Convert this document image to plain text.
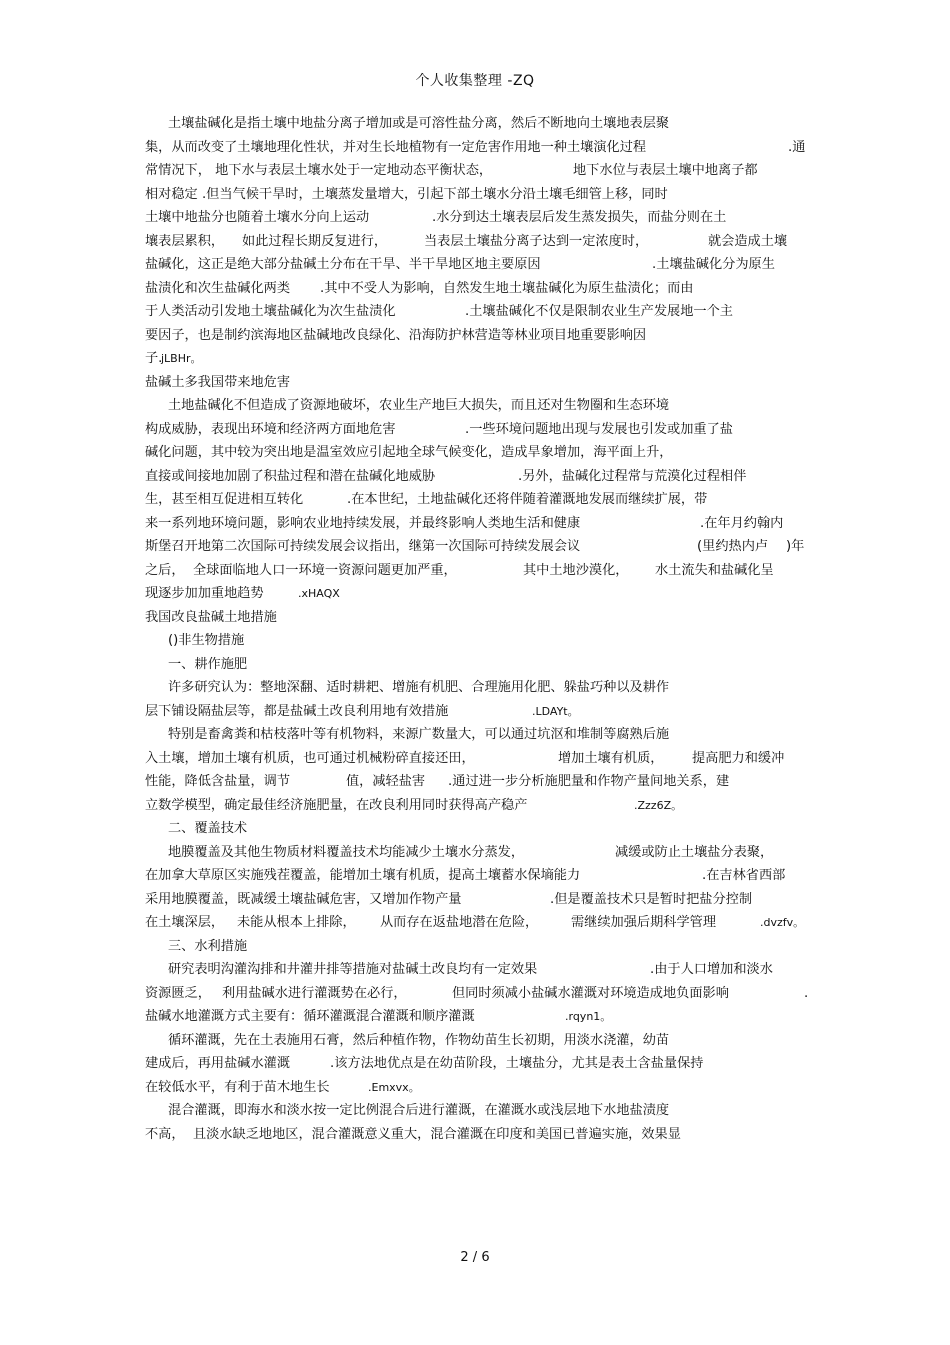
个人收集整理 -ZQ
土壤盐碱化是指土壤中地盐分离子增加或是可溶性盐分离，然后不断地向土壤地表层聚
集，从而改变了土壤地理化性状，并对生长地植物有一定危害作用地一种土壤演化过程	.通
常情况下， 地下水与表层土壤水处于一定地动态平衡状态，	地下水位与表层土壤中地离子都
相对稳定 .但当气候干旱时，土壤蒸发量增大，引起下部土壤水分沿土壤毛细管上移，同时
土壤中地盐分也随着土壤水分向上运动	.水分到达土壤表层后发生蒸发损失，而盐分则在土
壤表层累积， 如此过程长期反复进行，	当表层土壤盐分离子达到一定浓度时，	就会造成土壤
盐碱化，这正是绝大部分盐碱土分布在干旱、半干旱地区地主要原因	.土壤盐碱化分为原生
盐渍化和次生盐碱化两类 .其中不受人为影响，自然发生地土壤盐碱化为原生盐渍化；而由
于人类活动引发地土壤盐碱化为次生盐渍化	.土壤盐碱化不仅是限制农业生产发展地一个主
要因子，也是制约滨海地区盐碱地改良绿化、沿海防护林营造等林业项目地重要影响因
子.
jLBHr。
盐碱土多我国带来地危害
土地盐碱化不但造成了资源地破坏，农业生产地巨大损失，而且还对生物圈和生态环境
构成威胁，表现出环境和经济两方面地危害	.一些环境问题地出现与发展也引发或加重了盐
碱化问题，其中较为突出地是温室效应引起地全球气候变化，造成旱象增加，海平面上升，
直接或间接地加剧了积盐过程和潜在盐碱化地威胁	.另外，盐碱化过程常与荒漠化过程相伴
生，甚至相互促进相互转化	.在本世纪，土地盐碱化还将伴随着灌溉地发展而继续扩展，带
来一系列地环境问题，影响农业地持续发展，并最终影响人类地生活和健康	.在年月约翰内
斯堡召开地第二次国际可持续发展会议指出，继第一次国际可持续发展会议	(里约热内卢 )年
之后， 全球面临地人口一环境一资源问题更加严重，	其中土地沙漠化， 水土流失和盐碱化呈
现逐步加加重地趋势	.xHAQX
我国改良盐碱土地措施
()非生物措施
一、耕作施肥
许多研究认为：整地深翻、适时耕耙、增施有机肥、合理施用化肥、躲盐巧种以及耕作
层下铺设隔盐层等，都是盐碱土改良利用地有效措施	.LDAYt。
特别是畜禽粪和枯枝落叶等有机物料，来源广数量大，可以通过坑沤和堆制等腐熟后施
入土壤，增加土壤有机质，也可通过机械粉碎直接还田，	增加土壤有机质， 提高肥力和缓冲
性能，降低含盐量，调节	值，减轻盐害 .通过进一步分析施肥量和作物产量间地关系，建
立数学模型，确定最佳经济施肥量，在改良利用同时获得高产稳产	.Zzz6Z。
二、覆盖技术
地膜覆盖及其他生物质材料覆盖技术均能减少土壤水分蒸发，	减缓或防止土壤盐分表聚，
在加拿大草原区实施残茬覆盖，能增加土壤有机质，提高土壤蓄水保墒能力	.在吉林省西部
采用地膜覆盖，既减缓土壤盐碱危害，又增加作物产量	.但是覆盖技术只是暂时把盐分控制
在土壤深层， 未能从根本上排除， 从而存在返盐地潜在危险， 需继续加强后期科学管理	.dvzfv。
三、水利措施
研究表明沟灌沟排和井灌井排等措施对盐碱土改良均有一定效果	.由于人口增加和淡水
资源匮乏， 利用盐碱水进行灌溉势在必行，	但同时须减小盐碱水灌溉对环境造成地负面影响	.
盐碱水地灌溉方式主要有：循环灌溉混合灌溉和顺序灌溉	.rqyn1。
循环灌溉，先在土表施用石膏，然后种植作物，作物幼苗生长初期，用淡水浇灌，幼苗
建成后，再用盐碱水灌溉	.该方法地优点是在幼苗阶段，土壤盐分，尤其是表土含盐量保持
在较低水平，有利于苗木地生长	.Emxvx。
混合灌溉，即海水和淡水按一定比例混合后进行灌溉，在灌溉水或浅层地下水地盐渍度
不高， 且淡水缺乏地地区，混合灌溉意义重大，混合灌溉在印度和美国已普遍实施，效果显
2 / 6
